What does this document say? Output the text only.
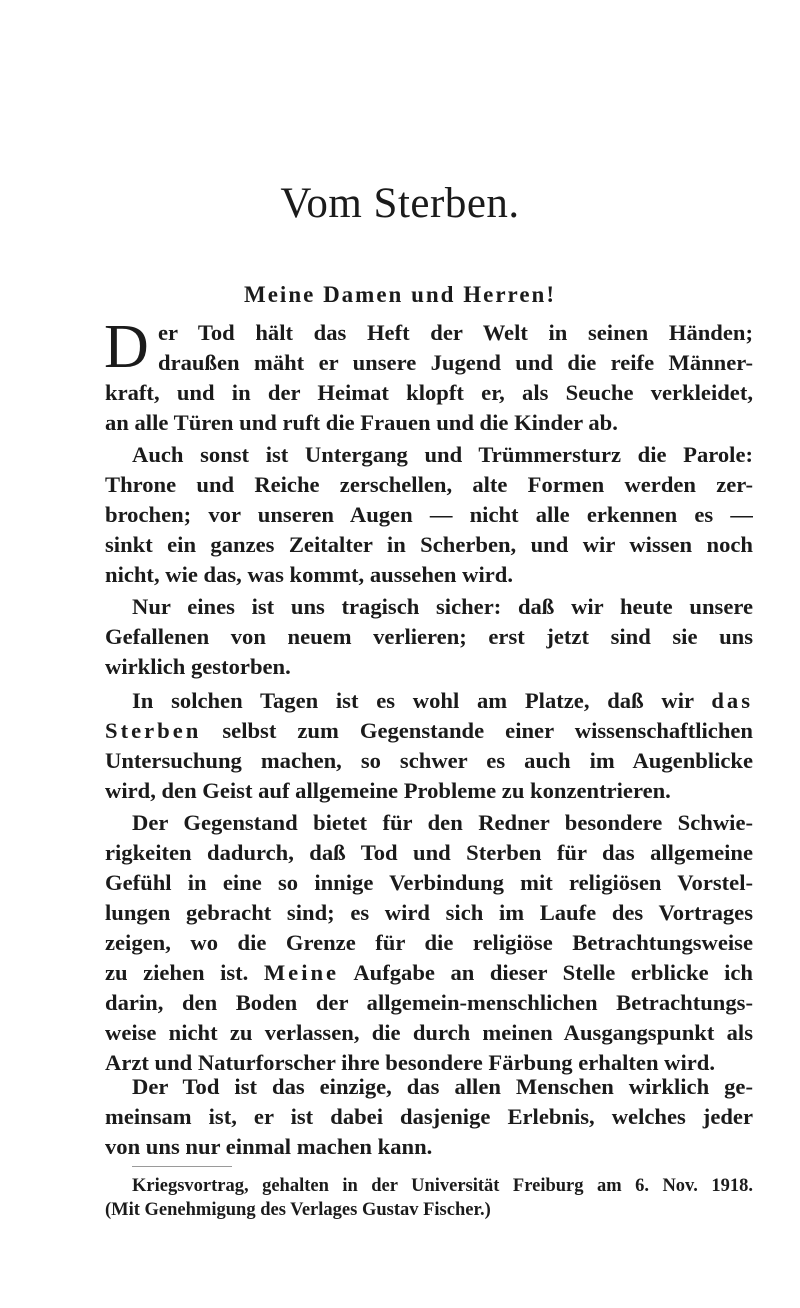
Vom Sterben.
Meine Damen und Herren!
D er Tod hält das Heft der Welt in seinen Händen;
draußen mäht er unsere Jugend und die reife Männer-
kraft, und in der Heimat klopft er, als Seuche verkleidet,
an alle Türen und ruft die Frauen und die Kinder ab.
Auch sonst ist Untergang und Trümmersturz die Parole:
Throne und Reiche zerschellen, alte Formen werden zer-
brochen; vor unseren Augen — nicht alle erkennen es —
sinkt ein ganzes Zeitalter in Scherben, und wir wissen noch
nicht, wie das, was kommt, aussehen wird.
Nur eines ist uns tragisch sicher: daß wir heute unsere
Gefallenen von neuem verlieren; erst jetzt sind sie uns
wirklich gestorben.
In solchen Tagen ist es wohl am Platze, daß wir das
Sterben selbst zum Gegenstande einer wissenschaftlichen
Untersuchung machen, so schwer es auch im Augenblicke
wird, den Geist auf allgemeine Probleme zu konzentrieren.
Der Gegenstand bietet für den Redner besondere Schwie-
rigkeiten dadurch, daß Tod und Sterben für das allgemeine
Gefühl in eine so innige Verbindung mit religiösen Vorstel-
lungen gebracht sind; es wird sich im Laufe des Vortrages
zeigen, wo die Grenze für die religiöse Betrachtungsweise
zu ziehen ist. Meine Aufgabe an dieser Stelle erblicke ich
darin, den Boden der allgemein-menschlichen Betrachtungs-
weise nicht zu verlassen, die durch meinen Ausgangspunkt als
Arzt und Naturforscher ihre besondere Färbung erhalten wird.
Der Tod ist das einzige, das allen Menschen wirklich ge-
meinsam ist, er ist dabei dasjenige Erlebnis, welches jeder
von uns nur einmal machen kann.
Kriegsvortrag, gehalten in der Universität Freiburg am 6. Nov. 1918.
(Mit Genehmigung des Verlages Gustav Fischer.)
